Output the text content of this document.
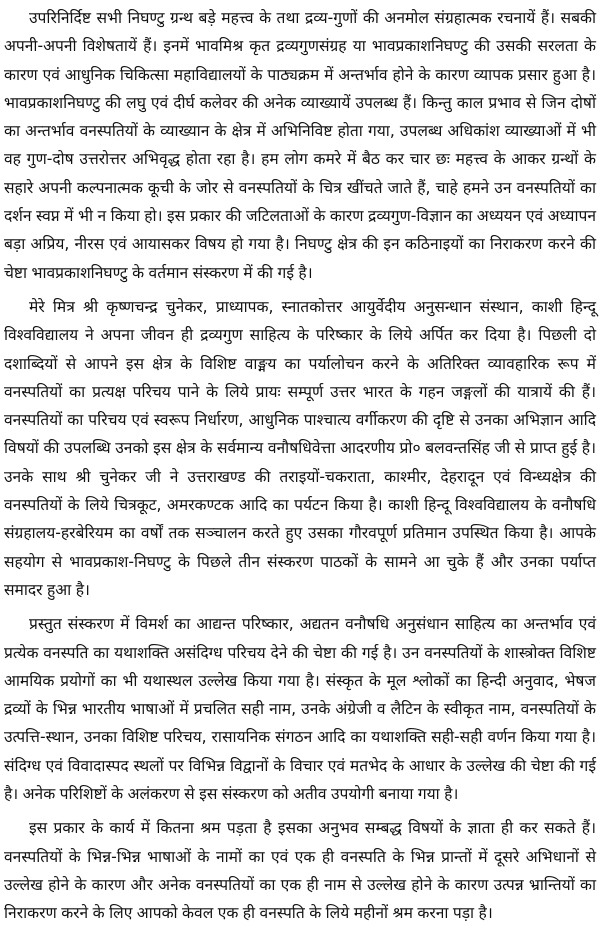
उपरिनिर्दिष्ट सभी निघण्टु ग्रन्थ बड़े महत्त्व के तथा द्रव्य-गुणों की अनमोल संग्रहात्मक रचनायें हैं। सबकी अपनी-अपनी विशेषतायें हैं। इनमें भावमिश्र कृत द्रव्यगुणसंग्रह या भावप्रकाशनिघण्टु की उसकी सरलता के कारण एवं आधुनिक चिकित्सा महाविद्यालयों के पाठ्यक्रम में अन्तर्भाव होने के कारण व्यापक प्रसार हुआ है। भावप्रकाशनिघण्टु की लघु एवं दीर्घ कलेवर की अनेक व्याख्यायें उपलब्ध हैं। किन्तु काल प्रभाव से जिन दोषों का अन्तर्भाव वनस्पतियों के व्याख्यान के क्षेत्र में अभिनिविष्ट होता गया, उपलब्ध अधिकांश व्याख्याओं में भी वह गुण-दोष उत्तरोत्तर अभिवृद्ध होता रहा है। हम लोग कमरे में बैठ कर चार छः महत्त्व के आकर ग्रन्थों के सहारे अपनी कल्पनात्मक कूची के जोर से वनस्पतियों के चित्र खींचते जाते हैं, चाहे हमने उन वनस्पतियों का दर्शन स्वप्न में भी न किया हो। इस प्रकार की जटिलताओं के कारण द्रव्यगुण-विज्ञान का अध्ययन एवं अध्यापन बड़ा अप्रिय, नीरस एवं आयासकर विषय हो गया है। निघण्टु क्षेत्र की इन कठिनाइयों का निराकरण करने की चेष्टा भावप्रकाशनिघण्टु के वर्तमान संस्करण में की गई है।

मेरे मित्र श्री कृष्णचन्द्र चुनेकर, प्राध्यापक, स्नातकोत्तर आयुर्वेदीय अनुसन्धान संस्थान, काशी हिन्दू विश्वविद्यालय ने अपना जीवन ही द्रव्यगुण साहित्य के परिष्कार के लिये अर्पित कर दिया है। पिछली दो दशाब्दियों से आपने इस क्षेत्र के विशिष्ट वाङ्मय का पर्यालोचन करने के अतिरिक्त व्यावहारिक रूप में वनस्पतियों का प्रत्यक्ष परिचय पाने के लिये प्रायः सम्पूर्ण उत्तर भारत के गहन जङ्गलों की यात्रायें की हैं। वनस्पतियों का परिचय एवं स्वरूप निर्धारण, आधुनिक पाश्चात्य वर्गीकरण की दृष्टि से उनका अभिज्ञान आदि विषयों की उपलब्धि उनको इस क्षेत्र के सर्वमान्य वनौषधिवेत्ता आदरणीय प्रो० बलवन्तसिंह जी से प्राप्त हुई है। उनके साथ श्री चुनेकर जी ने उत्तराखण्ड की तराइयों-चकराता, काश्मीर, देहरादून एवं विन्ध्यक्षेत्र की वनस्पतियों के लिये चित्रकूट, अमरकण्टक आदि का पर्यटन किया है। काशी हिन्दू विश्वविद्यालय के वनौषधि संग्रहालय-हरबेरियम का वर्षों तक सञ्चालन करते हुए उसका गौरवपूर्ण प्रतिमान उपस्थित किया है। आपके सहयोग से भावप्रकाश-निघण्टु के पिछले तीन संस्करण पाठकों के सामने आ चुके हैं और उनका पर्याप्त समादर हुआ है।

प्रस्तुत संस्करण में विमर्श का आद्यन्त परिष्कार, अद्यतन वनौषधि अनुसंधान साहित्य का अन्तर्भाव एवं प्रत्येक वनस्पति का यथाशक्ति असंदिग्ध परिचय देने की चेष्टा की गई है। उन वनस्पतियों के शास्त्रोक्त विशिष्ट आमयिक प्रयोगों का भी यथास्थल उल्लेख किया गया है। संस्कृत के मूल श्लोकों का हिन्दी अनुवाद, भेषज द्रव्यों के भिन्न भारतीय भाषाओं में प्रचलित सही नाम, उनके अंग्रेजी व लैटिन के स्वीकृत नाम, वनस्पतियों के उत्पत्ति-स्थान, उनका विशिष्ट परिचय, रासायनिक संगठन आदि का यथाशक्ति सही-सही वर्णन किया गया है। संदिग्ध एवं विवादास्पद स्थलों पर विभिन्न विद्वानों के विचार एवं मतभेद के आधार के उल्लेख की चेष्टा की गई है। अनेक परिशिष्टों के अलंकरण से इस संस्करण को अतीव उपयोगी बनाया गया है।

इस प्रकार के कार्य में कितना श्रम पड़ता है इसका अनुभव सम्बद्ध विषयों के ज्ञाता ही कर सकते हैं। वनस्पतियों के भिन्न-भिन्न भाषाओं के नामों का एवं एक ही वनस्पति के भिन्न प्रान्तों में दूसरे अभिधानों से उल्लेख होने के कारण और अनेक वनस्पतियों का एक ही नाम से उल्लेख होने के कारण उत्पन्न भ्रान्तियों का निराकरण करने के लिए आपको केवल एक ही वनस्पति के लिये महीनों श्रम करना पड़ा है।
